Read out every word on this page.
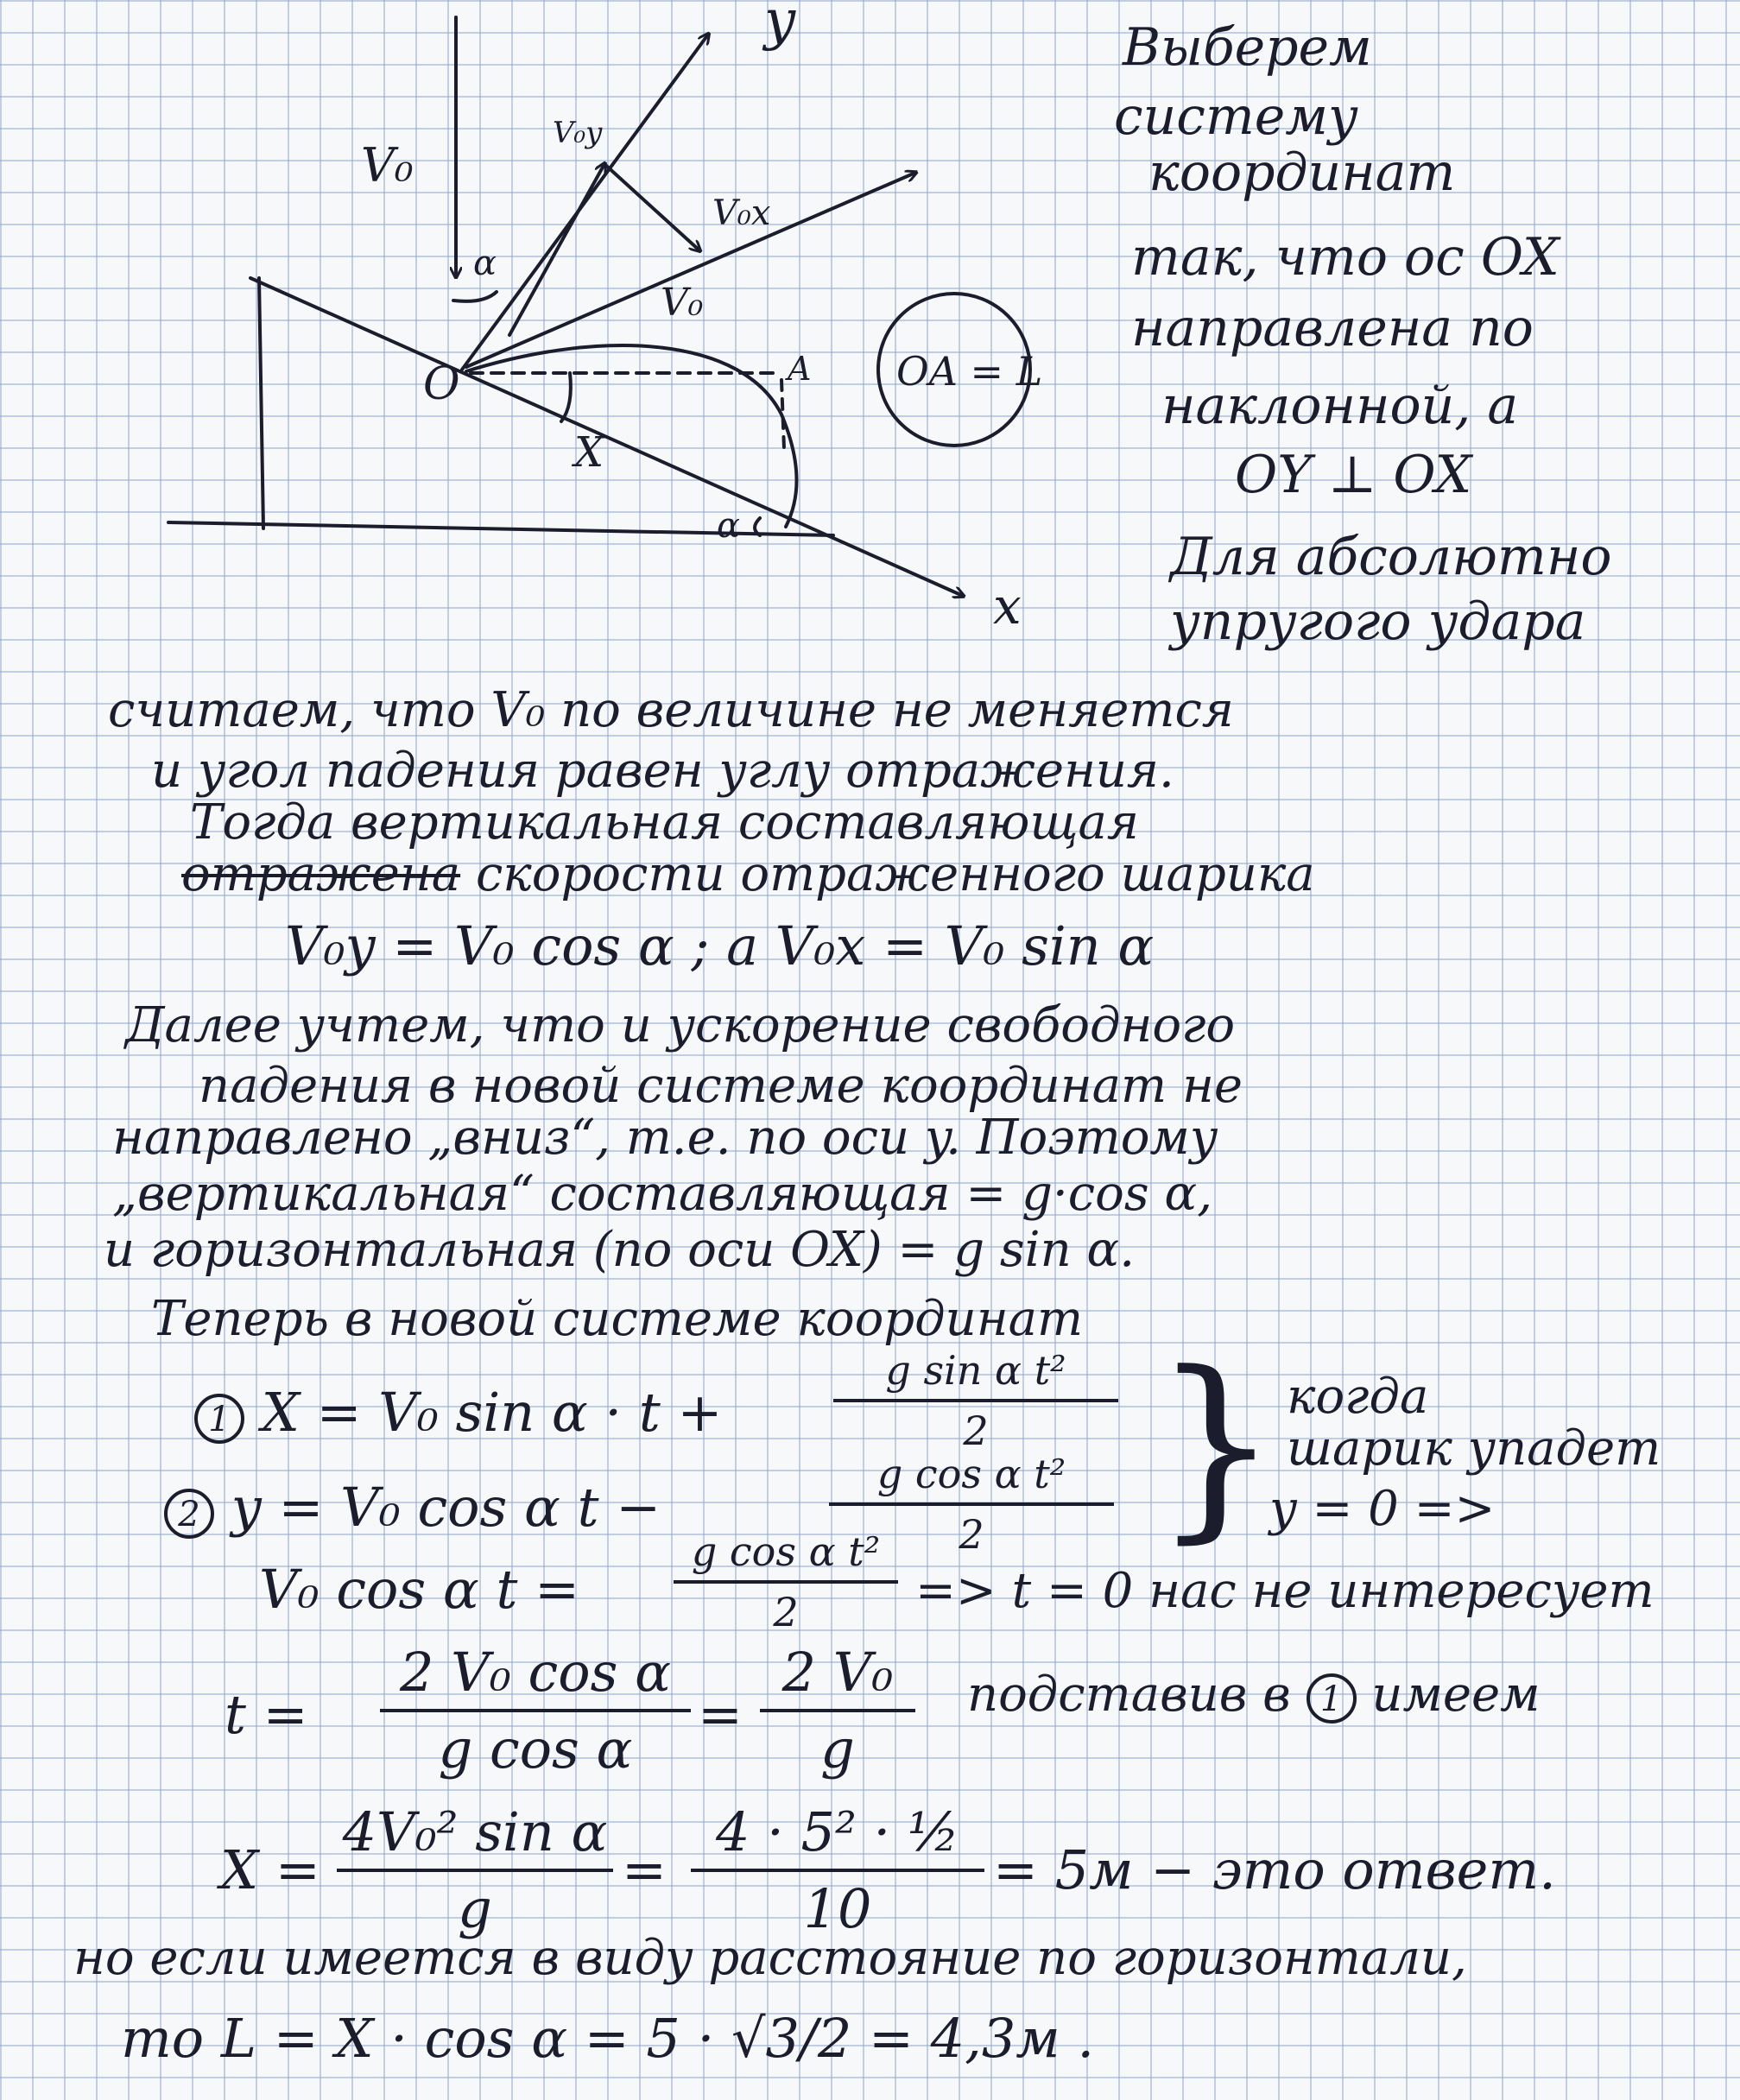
V₀
α
V₀y
V₀x
V₀
O	A OA = L
X
y
x
α
Выберем
систему
координат
так, что ос OX
направлена по
наклонной, а
OY ⊥ OX
Для абсолютно
упругого удара
считаем, что V₀ по величине не меняется
и угол падения равен углу отражения.
Тогда вертикальная составляющая
отражена скорости отраженного шарика
V₀y = V₀ cos α ; а V₀x = V₀ sin α
Далее учтем, что и ускорение свободного
падения в новой системе координат не
направлено „вниз“, т.е. по оси y. Поэтому
„вертикальная“ составляющая = g·cos α,
и горизонтальная (по оси OX) = g sin α.
Теперь в новой системе координат
1 X = V₀ sin α · t +
g sin α t²
2
2 y = V₀ cos α t −
g cos α t²
2 } когда
шарик упадет
y = 0 =>
V₀ cos α t =
g cos α t²
2	=> t = 0 нас не интересует
t =
2 V₀ cos α
g cos α
=
2 V₀
g
подставив в 1 имеем
X =
4V₀² sin α
g
=
4 · 5² · ½
10
= 5м − это ответ.
но если имеется в виду расстояние по горизонтали,
то L = X · cos α = 5 · √3/2 = 4,3м .
